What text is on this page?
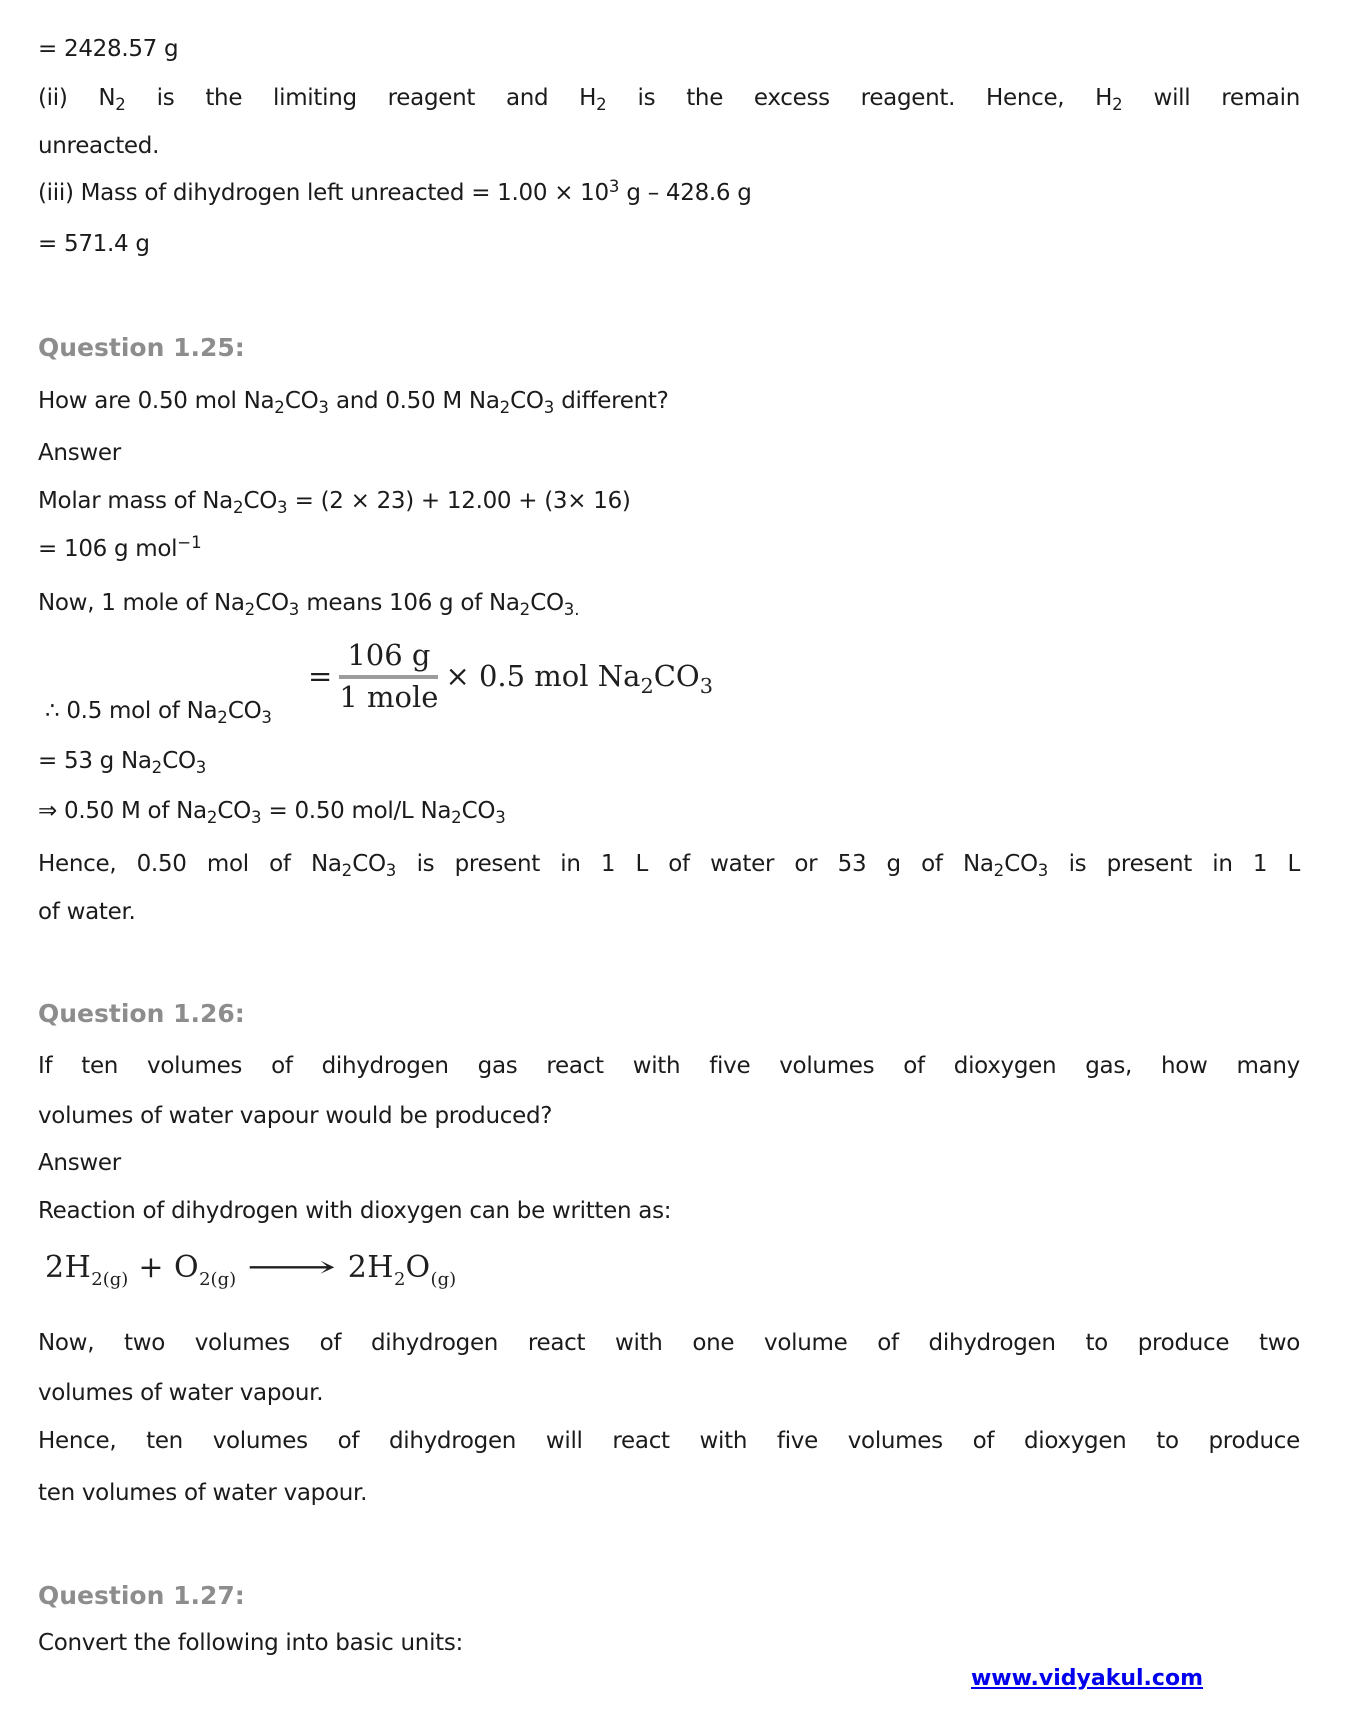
= 2428.57 g
(ii) $N_2$ is the limiting reagent and $H_2$ is the excess reagent. Hence, $H_2$ will remain
unreacted.
(iii) Mass of dihydrogen left unreacted = $1.00 \times 10^3$ g – 428.6 g
= 571.4 g
Question 1.25:
How are 0.50 mol $Na_2CO_3$ and 0.50 M $Na_2CO_3$ different?
Answer
Molar mass of $Na_2CO_3 = (2 \times 23) + 12.00 + (3\times 16)$
= 106 g mol$^{-1}$
Now, 1 mole of $Na_2CO_3$ means 106 g of $Na_2CO_{3.}$
= $\frac{106 g}{\text{1 mole}} \times 0.5$ mol $Na_2CO_3$
∴ 0.5 mol of $Na_2CO_3$
= 53 g $Na_2CO_3$
⇒ 0.50 M of $Na_2CO_3 = 0.50$ mol/L $Na_2CO_3$
Hence, 0.50 mol of $Na_2CO_3$ is present in 1 L of water or 53 g of $Na_2CO_3$ is present in 1 L
of water.
Question 1.26:
If ten volumes of dihydrogen gas react with five volumes of dioxygen gas, how many
volumes of water vapour would be produced?
Answer
Reaction of dihydrogen with dioxygen can be written as:
$2H_{2(g)} + O_{2(g)}$ ⟶ $2H_2O_{(g)}$
Now, two volumes of dihydrogen react with one volume of dihydrogen to produce two
volumes of water vapour.
Hence, ten volumes of dihydrogen will react with five volumes of dioxygen to produce
ten volumes of water vapour.
Question 1.27:
Convert the following into basic units:
www.vidyakul.com
